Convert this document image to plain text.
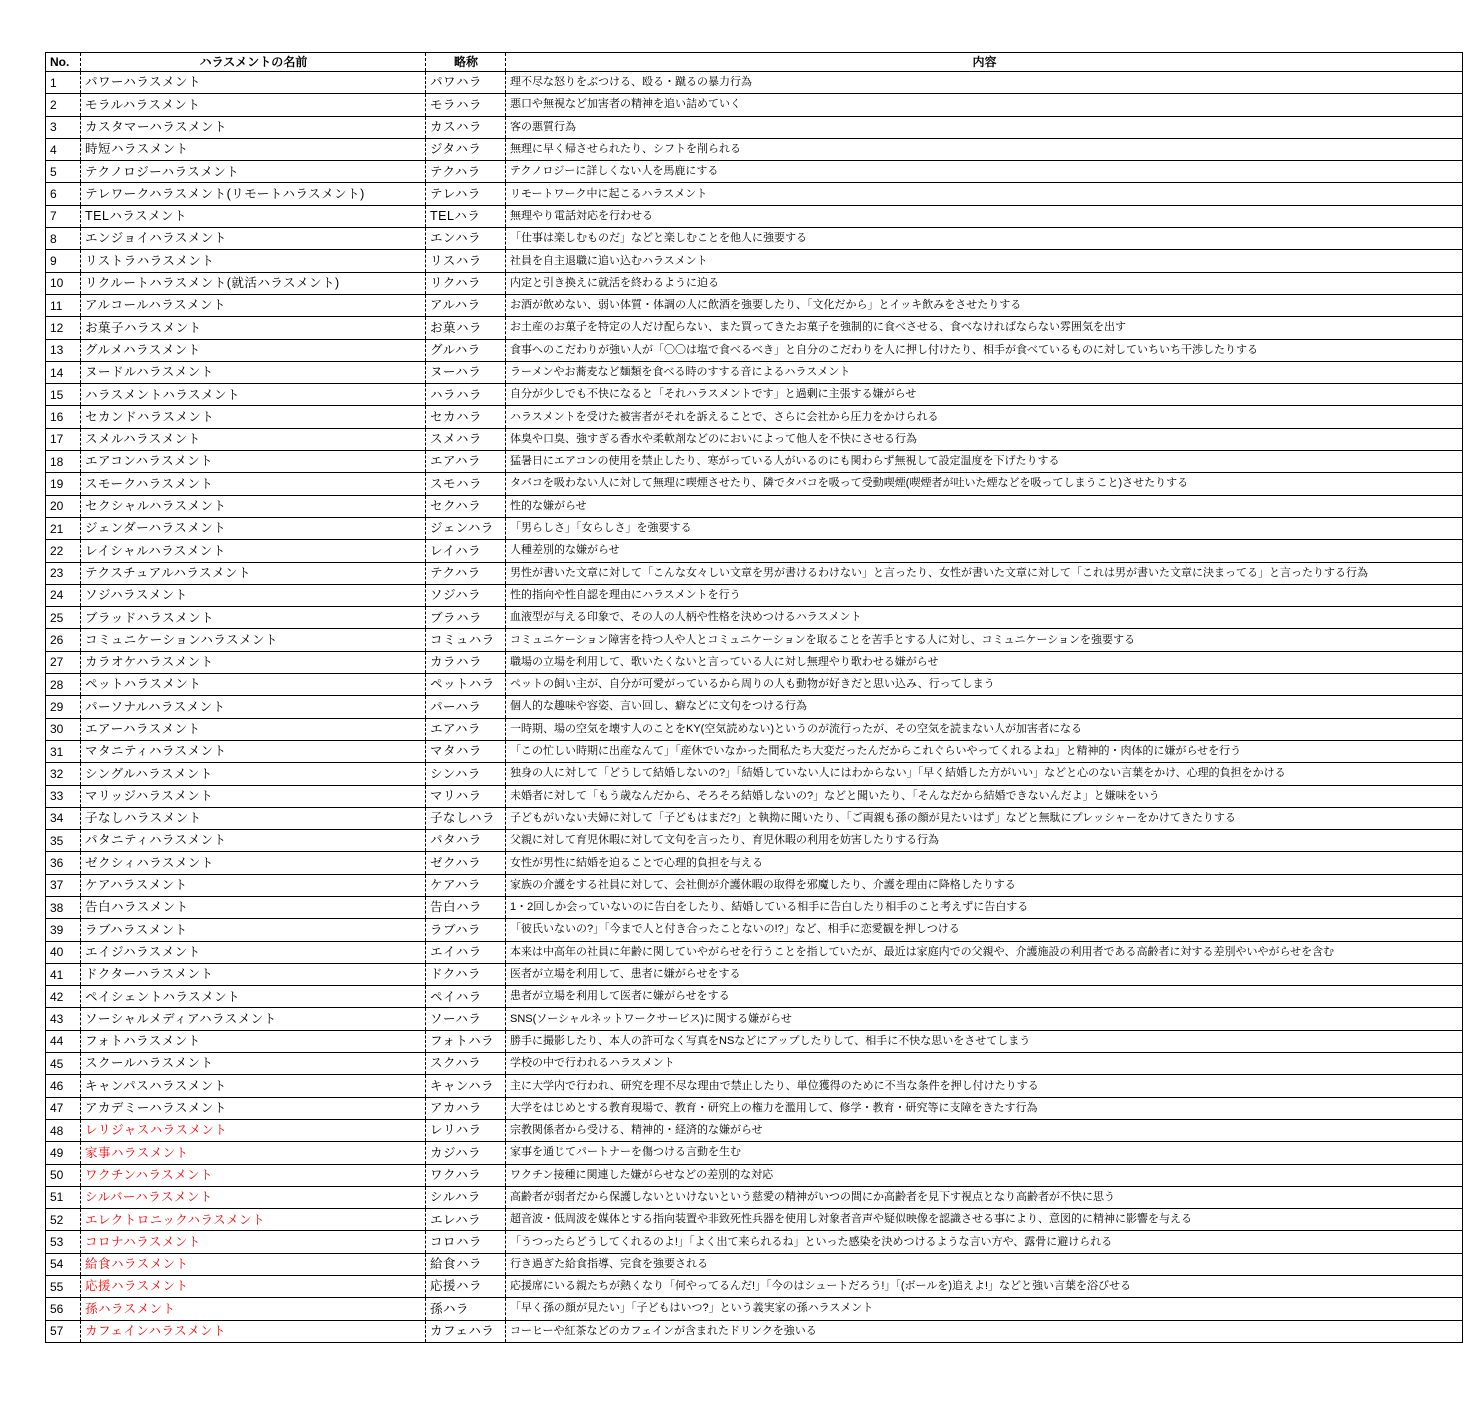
No.	ハラスメントの名前	略称	内容
1	パワーハラスメント	パワハラ	理不尽な怒りをぶつける、殴る・蹴るの暴力行為
2	モラルハラスメント	モラハラ	悪口や無視など加害者の精神を追い詰めていく
3	カスタマーハラスメント	カスハラ	客の悪質行為
4	時短ハラスメント	ジタハラ	無理に早く帰させられたり、シフトを削られる
5	テクノロジーハラスメント	テクハラ	テクノロジーに詳しくない人を馬鹿にする
6	テレワークハラスメント(リモートハラスメント)	テレハラ	リモートワーク中に起こるハラスメント
7	TELハラスメント	TELハラ	無理やり電話対応を行わせる
8	エンジョイハラスメント	エンハラ	「仕事は楽しむものだ」などと楽しむことを他人に強要する
9	リストラハラスメント	リスハラ	社員を自主退職に追い込むハラスメント
10	リクルートハラスメント(就活ハラスメント)	リクハラ	内定と引き換えに就活を終わるように迫る
11	アルコールハラスメント	アルハラ	お酒が飲めない、弱い体質・体調の人に飲酒を強要したり、「文化だから」とイッキ飲みをさせたりする
12	お菓子ハラスメント	お菓ハラ	お土産のお菓子を特定の人だけ配らない、また買ってきたお菓子を強制的に食べさせる、食べなければならない雰囲気を出す
13	グルメハラスメント	グルハラ	食事へのこだわりが強い人が「〇〇は塩で食べるべき」と自分のこだわりを人に押し付けたり、相手が食べているものに対していちいち干渉したりする
14	ヌードルハラスメント	ヌーハラ	ラーメンやお蕎麦など麺類を食べる時のすする音によるハラスメント
15	ハラスメントハラスメント	ハラハラ	自分が少しでも不快になると「それハラスメントです」と過剰に主張する嫌がらせ
16	セカンドハラスメント	セカハラ	ハラスメントを受けた被害者がそれを訴えることで、さらに会社から圧力をかけられる
17	スメルハラスメント	スメハラ	体臭や口臭、強すぎる香水や柔軟剤などのにおいによって他人を不快にさせる行為
18	エアコンハラスメント	エアハラ	猛暑日にエアコンの使用を禁止したり、寒がっている人がいるのにも関わらず無視して設定温度を下げたりする
19	スモークハラスメント	スモハラ	タバコを吸わない人に対して無理に喫煙させたり、隣でタバコを吸って受動喫煙(喫煙者が吐いた煙などを吸ってしまうこと)させたりする
20	セクシャルハラスメント	セクハラ	性的な嫌がらせ
21	ジェンダーハラスメント	ジェンハラ	「男らしさ」「女らしさ」を強要する
22	レイシャルハラスメント	レイハラ	人種差別的な嫌がらせ
23	テクスチュアルハラスメント	テクハラ	男性が書いた文章に対して「こんな女々しい文章を男が書けるわけない」と言ったり、女性が書いた文章に対して「これは男が書いた文章に決まってる」と言ったりする行為
24	ソジハラスメント	ソジハラ	性的指向や性自認を理由にハラスメントを行う
25	ブラッドハラスメント	ブラハラ	血液型が与える印象で、その人の人柄や性格を決めつけるハラスメント
26	コミュニケーションハラスメント	コミュハラ	コミュニケーション障害を持つ人や人とコミュニケーションを取ることを苦手とする人に対し、コミュニケーションを強要する
27	カラオケハラスメント	カラハラ	職場の立場を利用して、歌いたくないと言っている人に対し無理やり歌わせる嫌がらせ
28	ペットハラスメント	ペットハラ	ペットの飼い主が、自分が可愛がっているから周りの人も動物が好きだと思い込み、行ってしまう
29	パーソナルハラスメント	パーハラ	個人的な趣味や容姿、言い回し、癖などに文句をつける行為
30	エアーハラスメント	エアハラ	一時期、場の空気を壊す人のことをKY(空気読めない)というのが流行ったが、その空気を読まない人が加害者になる
31	マタニティハラスメント	マタハラ	「この忙しい時期に出産なんて」「産休でいなかった間私たち大変だったんだからこれぐらいやってくれるよね」と精神的・肉体的に嫌がらせを行う
32	シングルハラスメント	シンハラ	独身の人に対して「どうして結婚しないの?」「結婚していない人にはわからない」「早く結婚した方がいい」などと心のない言葉をかけ、心理的負担をかける
33	マリッジハラスメント	マリハラ	未婚者に対して「もう歳なんだから、そろそろ結婚しないの?」などと聞いたり、「そんなだから結婚できないんだよ」と嫌味をいう
34	子なしハラスメント	子なしハラ	子どもがいない夫婦に対して「子どもはまだ?」と執拗に聞いたり、「ご両親も孫の顔が見たいはず」などと無駄にプレッシャーをかけてきたりする
35	パタニティハラスメント	パタハラ	父親に対して育児休暇に対して文句を言ったり、育児休暇の利用を妨害したりする行為
36	ゼクシィハラスメント	ゼクハラ	女性が男性に結婚を迫ることで心理的負担を与える
37	ケアハラスメント	ケアハラ	家族の介護をする社員に対して、会社側が介護休暇の取得を邪魔したり、介護を理由に降格したりする
38	告白ハラスメント	告白ハラ	1・2回しか会っていないのに告白をしたり、結婚している相手に告白したり相手のこと考えずに告白する
39	ラブハラスメント	ラブハラ	「彼氏いないの?」「今まで人と付き合ったことないの!?」など、相手に恋愛観を押しつける
40	エイジハラスメント	エイハラ	本来は中高年の社員に年齢に関していやがらせを行うことを指していたが、最近は家庭内での父親や、介護施設の利用者である高齢者に対する差別やいやがらせを含む
41	ドクターハラスメント	ドクハラ	医者が立場を利用して、患者に嫌がらせをする
42	ペイシェントハラスメント	ペイハラ	患者が立場を利用して医者に嫌がらせをする
43	ソーシャルメディアハラスメント	ソーハラ	SNS(ソーシャルネットワークサービス)に関する嫌がらせ
44	フォトハラスメント	フォトハラ	勝手に撮影したり、本人の許可なく写真をNSなどにアップしたりして、相手に不快な思いをさせてしまう
45	スクールハラスメント	スクハラ	学校の中で行われるハラスメント
46	キャンパスハラスメント	キャンハラ	主に大学内で行われ、研究を理不尽な理由で禁止したり、単位獲得のために不当な条件を押し付けたりする
47	アカデミーハラスメント	アカハラ	大学をはじめとする教育現場で、教育・研究上の権力を濫用して、修学・教育・研究等に支障をきたす行為
48	レリジャスハラスメント	レリハラ	宗教関係者から受ける、精神的・経済的な嫌がらせ
49	家事ハラスメント	カジハラ	家事を通じてパートナーを傷つける言動を生む
50	ワクチンハラスメント	ワクハラ	ワクチン接種に関連した嫌がらせなどの差別的な対応
51	シルバーハラスメント	シルハラ	高齢者が弱者だから保護しないといけないという慈愛の精神がいつの間にか高齢者を見下す視点となり高齢者が不快に思う
52	エレクトロニックハラスメント	エレハラ	超音波・低周波を媒体とする指向装置や非致死性兵器を使用し対象者音声や疑似映像を認識させる事により、意図的に精神に影響を与える
53	コロナハラスメント	コロハラ	「うつったらどうしてくれるのよ!」「よく出て来られるね」といった感染を決めつけるような言い方や、露骨に避けられる
54	給食ハラスメント	給食ハラ	行き過ぎた給食指導、完食を強要される
55	応援ハラスメント	応援ハラ	応援席にいる親たちが熱くなり「何やってるんだ!」「今のはシュートだろう!」「(ボールを)追えよ!」などと強い言葉を浴びせる
56	孫ハラスメント	孫ハラ	「早く孫の顔が見たい」「子どもはいつ?」という義実家の孫ハラスメント
57	カフェインハラスメント	カフェハラ	コーヒーや紅茶などのカフェインが含まれたドリンクを強いる
